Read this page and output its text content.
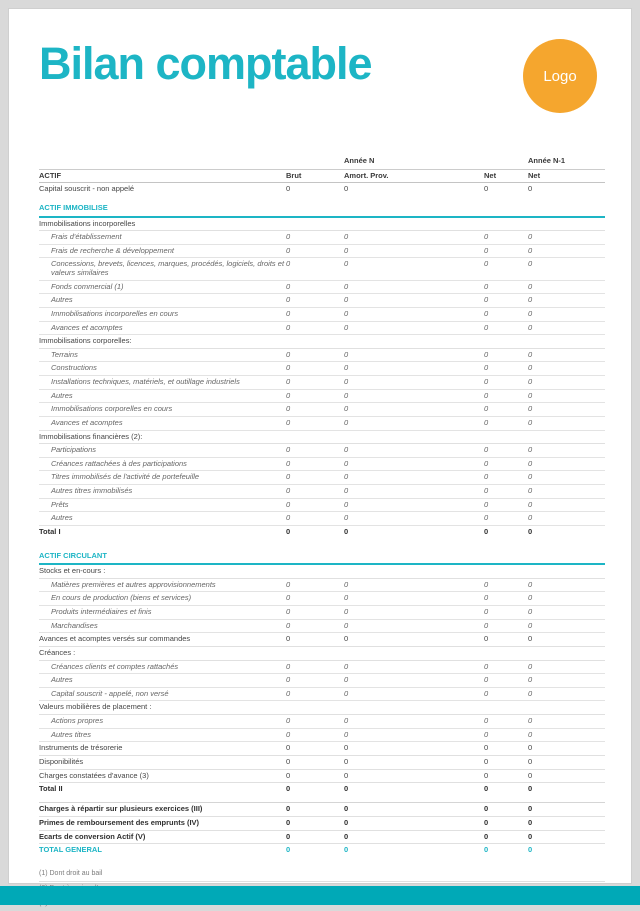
Bilan comptable	Logo
		Année N		Année N-1
ACTIF	Brut	Amort. Prov.	Net	Net
Capital souscrit - non appelé	0	0	0	0

ACTIF IMMOBILISE				
Immobilisations incorporelles				
Frais d'établissement	0	0	0	0
Frais de recherche & développement	0	0	0	0
Concessions, brevets, licences, marques, procédés, logiciels, droits et valeurs similaires	0	0	0	0
Fonds commercial (1)	0	0	0	0
Autres	0	0	0	0
Immobilisations incorporelles en cours	0	0	0	0
Avances et acomptes	0	0	0	0
Immobilisations corporelles:				
Terrains	0	0	0	0
Constructions	0	0	0	0
Installations techniques, matériels, et outillage industriels	0	0	0	0
Autres	0	0	0	0
Immobilisations corporelles en cours	0	0	0	0
Avances et acomptes	0	0	0	0
Immobilisations financières (2):				
Participations	0	0	0	0
Créances rattachées à des participations	0	0	0	0
Titres immobilisés de l'activité de portefeuille	0	0	0	0
Autres titres immobilisés	0	0	0	0
Prêts	0	0	0	0
Autres	0	0	0	0
Total I	0	0	0	0

ACTIF CIRCULANT				
Stocks et en-cours :				
Matières premières et autres approvisionnements	0	0	0	0
En cours de production (biens et services)	0	0	0	0
Produits intermédiaires et finis	0	0	0	0
Marchandises	0	0	0	0
Avances et acomptes versés sur commandes	0	0	0	0
Créances :				
Créances clients et comptes rattachés	0	0	0	0
Autres	0	0	0	0
Capital souscrit - appelé, non versé	0	0	0	0
Valeurs mobilières de placement :				
Actions propres	0	0	0	0
Autres titres	0	0	0	0
Instruments de trésorerie	0	0	0	0
Disponibilités	0	0	0	0
Charges constatées d'avance (3)	0	0	0	0
Total II	0	0	0	0

Charges à répartir sur plusieurs exercices (III)	0	0	0	0
Primes de remboursement des emprunts (IV)	0	0	0	0
Ecarts de conversion Actif (V)	0	0	0	0
TOTAL GENERAL	0	0	0	0
(1) Dont droit au bail
